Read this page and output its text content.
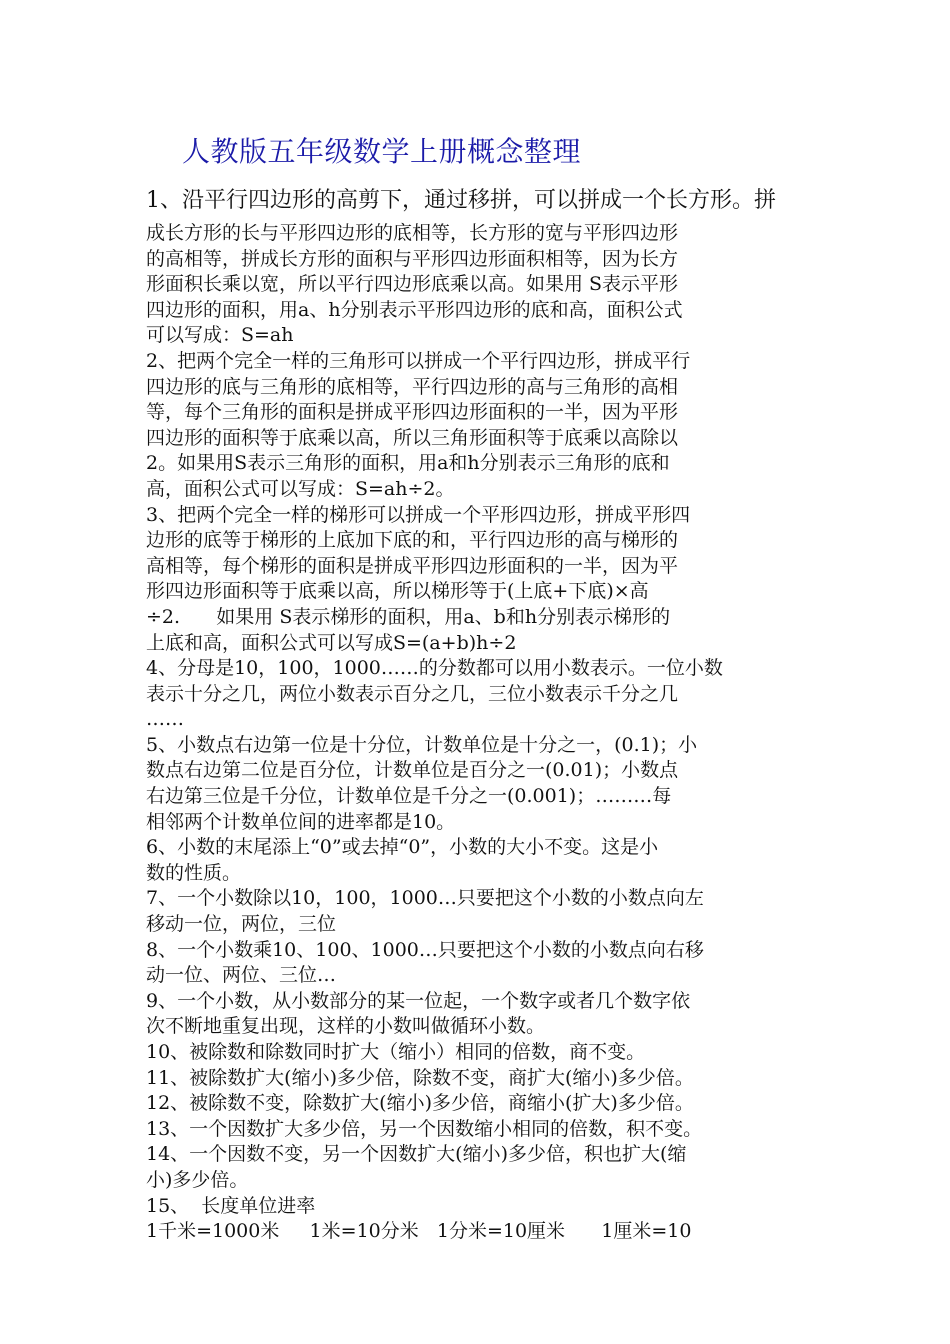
人教版五年级数学上册概念整理
1、沿平行四边形的高剪下，通过移拼，可以拼成一个长方形。拼
成长方形的长与平形四边形的底相等，长方形的宽与平形四边形
的高相等，拼成长方形的面积与平形四边形面积相等，因为长方
形面积长乘以宽，所以平行四边形底乘以高。如果用 S表示平形
四边形的面积，用a、h分别表示平形四边形的底和高，面积公式
可以写成：S=ah
2、把两个完全一样的三角形可以拼成一个平行四边形，拼成平行
四边形的底与三角形的底相等，平行四边形的高与三角形的高相
等，每个三角形的面积是拼成平形四边形面积的一半，因为平形
四边形的面积等于底乘以高，所以三角形面积等于底乘以高除以
2。如果用S表示三角形的面积，用a和h分别表示三角形的底和
高，面积公式可以写成：S=ah÷2。
3、把两个完全一样的梯形可以拼成一个平形四边形，拼成平形四
边形的底等于梯形的上底加下底的和，平行四边形的高与梯形的
高相等，每个梯形的面积是拼成平形四边形面积的一半，因为平
形四边形面积等于底乘以高，所以梯形等于(上底+下底)×高
÷2.      如果用 S表示梯形的面积，用a、b和h分别表示梯形的
上底和高，面积公式可以写成S=(a+b)h÷2
4、分母是10，100，1000……的分数都可以用小数表示。一位小数
表示十分之几，两位小数表示百分之几，三位小数表示千分之几
……
5、小数点右边第一位是十分位，计数单位是十分之一，(0.1)；小
数点右边第二位是百分位，计数单位是百分之一(0.01)；小数点
右边第三位是千分位，计数单位是千分之一(0.001)；………每
相邻两个计数单位间的进率都是10。
6、小数的末尾添上“0”或去掉“0”，小数的大小不变。这是小
数的性质。
7、一个小数除以10，100，1000…只要把这个小数的小数点向左
移动一位，两位，三位
8、一个小数乘10、100、1000…只要把这个小数的小数点向右移
动一位、两位、三位…
9、一个小数，从小数部分的某一位起，一个数字或者几个数字依
次不断地重复出现，这样的小数叫做循环小数。
10、被除数和除数同时扩大（缩小）相同的倍数，商不变。
11、被除数扩大(缩小)多少倍，除数不变，商扩大(缩小)多少倍。
12、被除数不变，除数扩大(缩小)多少倍，商缩小(扩大)多少倍。
13、一个因数扩大多少倍，另一个因数缩小相同的倍数，积不变。
14、一个因数不变，另一个因数扩大(缩小)多少倍，积也扩大(缩
小)多少倍。
15、  长度单位进率
1千米=1000米     1米=10分米   1分米=10厘米      1厘米=10
